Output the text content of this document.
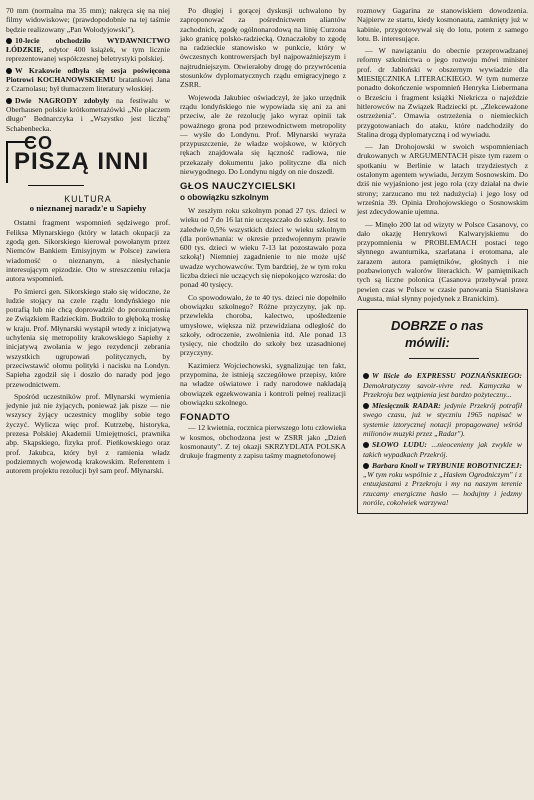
70 mm (normalna ma 35 mm); nakręca się na niej filmy widowiskowe; (prawdopodobnie na tej taśmie będzie realizowany „Pan Wołodyjowski").
10-lecie obchodziło WYDAWNICTWO ŁÓDZKIE, edytor 400 książek, w tym licznie reprezentowanej współczesnej beletrystyki polskiej.
W Krakowie odbyła się sesja poświęcona Piotrowi KOCHANOWSKIEMU bratankowi Jana z Czarnolasu; był tłumaczem literatury włoskiej.
Dwie NAGRODY zdobyły na festiwalu w Oberhausen polskie krótkometrażówki „Nie płaczem długo" Bednarczyka i „Wszystko jest liczbą" Schabenbecka.
CO
PISZĄ INNI
KULTURA
o nieznanej naradz'e u Sapiehy

Ostatni fragment wspomnień sędziwego prof. Feliksa Młynarskiego (który w latach okupacji za zgodą gen. Sikorskiego kierował powołanym przez Niemców Bankiem Emisyjnym w Polsce) zawiera wiadomość o nieznanym, a niesłychanie interesującym epizodzie. Oto w streszczeniu relacja autora wspomnień.

Po śmierci gen. Sikorskiego stało się widoczne, że ludzie stojący na czele rządu londyńskiego nie potrafią lub nie chcą doprowadzić do porozumienia ze Związkiem Radzieckim. Budziło to głęboką troskę w kraju. Prof. Młynarski wystąpił wtedy z inicjatywą uchylenia się metropolity krakowskiego Sapiehy z inicjatywą zwołania w jego rezydencji zebrania wszystkich ugrupowań politycznych, by przeciwstawić ołomu polityki i nacisku na Londyn. Sapieha zgodził się i doszło do narady pod jego przewodnictwem.

Spośród uczestników prof. Młynarski wymienia jedynie już nie żyjących, ponieważ jak pisze — nie wszyscy żyjący uczestnicy mogliby sobie tego życzyć. Wylicza więc prof. Kutrzebę, historyka, prezesa Polskiej Akademii Umiejętności, prawnika abp. Skąpskiego, fizyka prof. Pieńkowskiego oraz prof. Jakubca, który był z ramienia władz podziemnych wojewodą krakowskim. Referentem i autorem projektu rezolucji był sam prof. Młynarski.

Po długiej i gorącej dyskusji uchwalono by zaproponować za pośrednictwem aliantów zachodnich, zgodę ogólnonarodową na linię Curzona jako granicę polsko-radziecką. Oznaczałoby to zgodę na radzieckie stanowisko w punkcie, który w ówczesnych kontrowersjach był najpoważniejszym i najtrudniejszym. Otwierałoby drogę do przywrócenia stosunków dyplomatycznych rządu emigracyjnego z ZSRR.

Wojewoda Jakubiec oświadczył, że jako urzędnik rządu londyńskiego nie wypowiada się ani za ani przeciw, ale że rezolucję jako wyraz opinii tak poważnego grona pod przewodnictwem metropolity — wyśle do Londynu. Prof. Młynarski wyraża przypuszczenie, że władze wojskowe, w których rękach znajdowała się łączność radiowa, nie przekazały dokumentu jako polityczne dla nich niewygodnego. Do Londynu nigdy on nie doszedł.

GŁOS NAUCZYCIELSKI
o obowiązku szkolnym

W zeszłym roku szkolnym ponad 27 tys. dzieci w wieku od 7 do 16 lat nie uczęszczało do szkoły. Jest to zaledwie 0,5% wszystkich dzieci w wieku szkolnym (dla porównania: w okresie przedwojennym prawie 600 tys. dzieci w wieku 7-13 lat pozostawało poza szkołą!) Niemniej zagadnienie to nie może ujść uwadze wychowawców. Tym bardziej, że w tym roku liczba dzieci nie uczących się niepokojąco wzrosła: do ponad 40 tysięcy.

Co spowodowało, że te 40 tys. dzieci nie dopełniło obowiązku szkolnego? Różne przyczyny, jak np. przewlekła choroba, kalectwo, upośledzenie umysłowe, większa niż przewidziana odległość do szkoły, odroczenie, zwolnienia itd. Ale ponad 13 tysięcy, nie chodziło do szkoły bez uzasadnionej przyczyny.

Kazimierz Wojciechowski, sygnalizując ten fakt, przypomina, że istnieją szczegółowe przepisy, które na władze oświatowe i rady narodowe nakładają obowiązek egzekwowania i kontroli pełnej realizacji obowiązku szkolnego.

FONADTO

— 12 kwietnia, rocznica pierwszego lotu człowieka w kosmos, obchodzona jest w ZSRR jako „Dzień kosmonauty". Z tej okazji SKRZYDLATA POLSKA drukuje fragmenty z zapisu taśmy magnetofonowej

rozmowy Gagarina ze stanowiskiem dowodzenia. Najpierw ze startu, kiedy kosmonauta, zamknięty już w kabinie, przygotowywał się do lotu, potem z samego lotu. B. interesujące.

— W nawiązaniu do obecnie przeprowadzanej reformy szkolnictwa o jego rozwoju mówi minister prof. dr Jabłoński w obszernym wywiadzie dla MIESIĘCZNIKA LITERACKIEGO. W tym numerze ponadto dokończenie wspomnień Henryka Liebermana o Brześciu i fragment książki Niekricza o najeździe hitlerowców na Związek Radziecki pt. „Zlekceważone ostrzeżenia". Omawia ostrzeżenia o niemieckich przygotowaniach do ataku, które nadchodziły do Stalina drogą dyplomatyczną i od wywiadu.

— Jan Drohojowski w swoich wspomnieniach drukowanych w ARGUMENTACH pisze tym razem o spotkaniu w Berlinie w latach trzydziestych z ostalonym agentem wywiadu, Jerzym Sosnowskim. Do dziś nie wyjaśniono jest jego rola (czy działał na dwie strony; zarzucano mu też nadużycia) i jego losy od września 39. Opinia Drohojowskiego o Sosnowskim jest zdecydowanie ujemna.

— Minęło 200 lat od wizyty w Polsce Casanovy, co dało okazję Henrykowi Kalwaryjskiemu do przypomnienia w PROBLEMACH postaci tego słynnego awanturnika, szarlatana i erotomana, ale zarazem autora pamiętników, głośnych i nie pozbawionych walorów literackich. W pamiętnikach tych są liczne polonica (Casanova przebywał przez pewien czas w Polsce w czasie panowania Stanisława Augusta, miał słynny pojedynek z Branickim).

DOBRZE o nas
mówili:
W liście do EXPRESSU POZNAŃSKIEGO: Demokratyczny savoir-vivre red. Kamyczka w Przekroju bez wątpienia jest bardzo pożyteczny...
Miesięcznik RADAR: jedynie Przekrój potrafił swego czasu, już w styczniu 1965 napisać w systemie iztorycznej notacji propagowanej wśród milionów muzyki przez „Radar").
SŁOWO LUDU: ...nieocenieny jak zwykle w takich wypadkach Przekrój.
Barbara Knoll w TRYBUNIE ROBOTNICZEJ: „W tym roku wspólnie z „Hasłem Ogrodniczym" i z entuzjastami z Przekroju i my na naszym terenie rzucamy energiczne hasło — hodujmy i jedzmy noróle, cokolwiek warzywa!
